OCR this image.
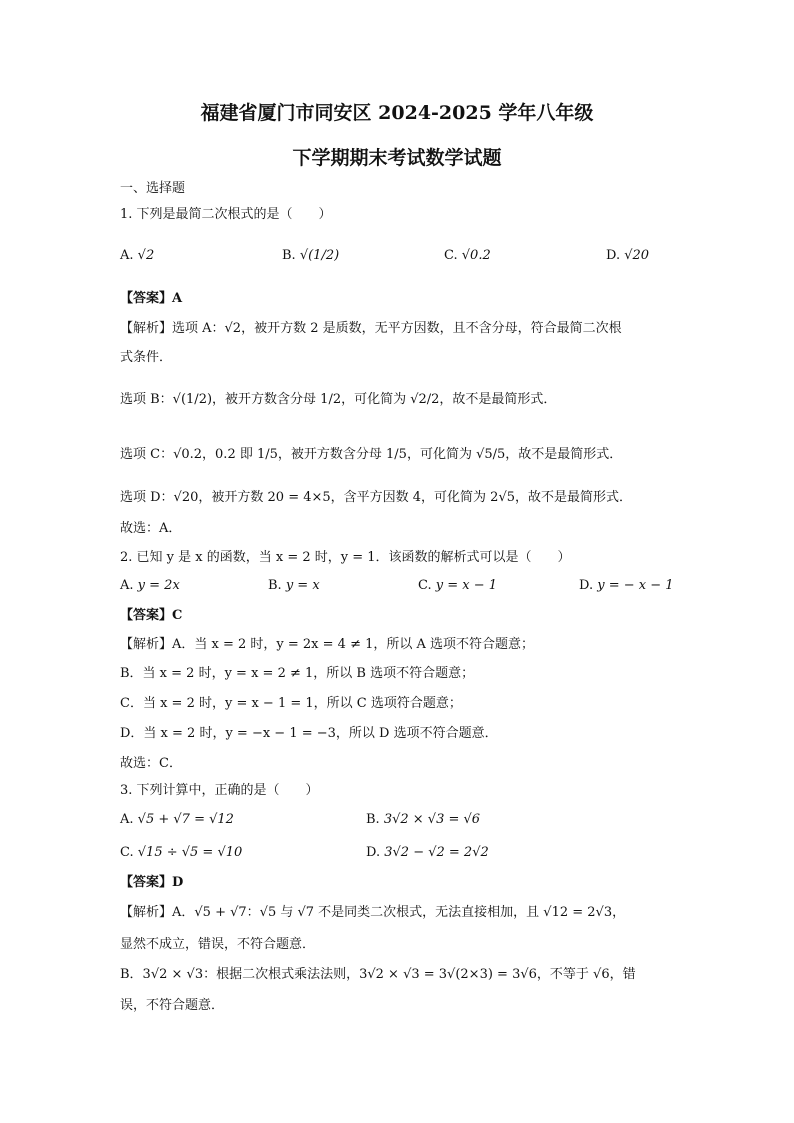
福建省厦门市同安区 2024-2025 学年八年级
下学期期末考试数学试题
一、选择题
1. 下列是最简二次根式的是（　　）
A. √2	B. √(1/2)	C. √0.2	D. √20
【答案】A
【解析】选项 A：√2，被开方数 2 是质数，无平方因数，且不含分母，符合最简二次根
式条件．
选项 B：√(1/2)，被开方数含分母 1/2，可化简为 √2/2，故不是最简形式．
选项 C：√0.2，0.2 即 1/5，被开方数含分母 1/5，可化简为 √5/5，故不是最简形式．
选项 D：√20，被开方数 20 = 4×5，含平方因数 4，可化简为 2√5，故不是最简形式．
故选：A．
2. 已知 y 是 x 的函数，当 x = 2 时，y = 1．该函数的解析式可以是（　　）
A. y = 2x	B. y = x	C. y = x − 1	D. y = − x − 1
【答案】C
【解析】A．当 x = 2 时，y = 2x = 4 ≠ 1，所以 A 选项不符合题意；
B．当 x = 2 时，y = x = 2 ≠ 1，所以 B 选项不符合题意；
C．当 x = 2 时，y = x − 1 = 1，所以 C 选项符合题意；
D．当 x = 2 时，y = −x − 1 = −3，所以 D 选项不符合题意．
故选：C．
3. 下列计算中，正确的是（　　）
A. √5 + √7 = √12	B. 3√2 × √3 = √6
C. √15 ÷ √5 = √10	D. 3√2 − √2 = 2√2
【答案】D
【解析】A．√5 + √7：√5 与 √7 不是同类二次根式，无法直接相加，且 √12 = 2√3，
显然不成立，错误，不符合题意．
B．3√2 × √3：根据二次根式乘法法则，3√2 × √3 = 3√(2×3) = 3√6，不等于 √6，错
误，不符合题意．
